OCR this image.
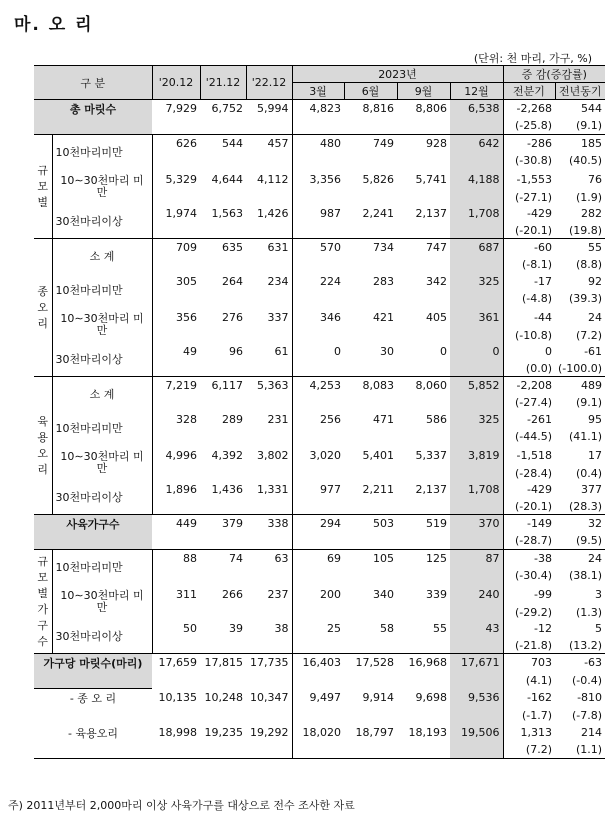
마. 오 리
(단위: 천 마리, 가구, %)
구 분		'20.12	'21.12	'22.12	2023년				증 감(증감률)	
					3월	6월	9월	12월	전분기	전년동기
총 마릿수		7,929	6,752	5,994	4,823	8,816	8,806	6,538	-2,268	544
									(-25.8)	(9.1)
규모별	10천마리미만	626	544	457	480	749	928	642	-286	185
									(-30.8)	(40.5)
	10∼30천마리 미만	5,329	4,644	4,112	3,356	5,826	5,741	4,188	-1,553	76
									(-27.1)	(1.9)
	30천마리이상	1,974	1,563	1,426	987	2,241	2,137	1,708	-429	282
									(-20.1)	(19.8)
종오리	소 계	709	635	631	570	734	747	687	-60	55
									(-8.1)	(8.8)
	10천마리미만	305	264	234	224	283	342	325	-17	92
									(-4.8)	(39.3)
	10∼30천마리 미만	356	276	337	346	421	405	361	-44	24
									(-10.8)	(7.2)
	30천마리이상	49	96	61	0	30	0	0	0	-61
									(0.0)	(-100.0)
육용오리	소 계	7,219	6,117	5,363	4,253	8,083	8,060	5,852	-2,208	489
									(-27.4)	(9.1)
	10천마리미만	328	289	231	256	471	586	325	-261	95
									(-44.5)	(41.1)
	10∼30천마리 미만	4,996	4,392	3,802	3,020	5,401	5,337	3,819	-1,518	17
									(-28.4)	(0.4)
	30천마리이상	1,896	1,436	1,331	977	2,211	2,137	1,708	-429	377
									(-20.1)	(28.3)
사육가구수		449	379	338	294	503	519	370	-149	32
									(-28.7)	(9.5)
규모별 가구수	10천마리미만	88	74	63	69	105	125	87	-38	24
									(-30.4)	(38.1)
	10∼30천마리 미만	311	266	237	200	340	339	240	-99	3
									(-29.2)	(1.3)
	30천마리이상	50	39	38	25	58	55	43	-12	5
									(-21.8)	(13.2)
가구당 마릿수(마리)		17,659	17,815	17,735	16,403	17,528	16,968	17,671	703	-63
									(4.1)	(-0.4)
- 종 오 리		10,135	10,248	10,347	9,497	9,914	9,698	9,536	-162	-810
									(-1.7)	(-7.8)
- 육용오리		18,998	19,235	19,292	18,020	18,797	18,193	19,506	1,313	214
									(7.2)	(1.1)
주) 2011년부터 2,000마리 이상 사육가구를 대상으로 전수 조사한 자료
